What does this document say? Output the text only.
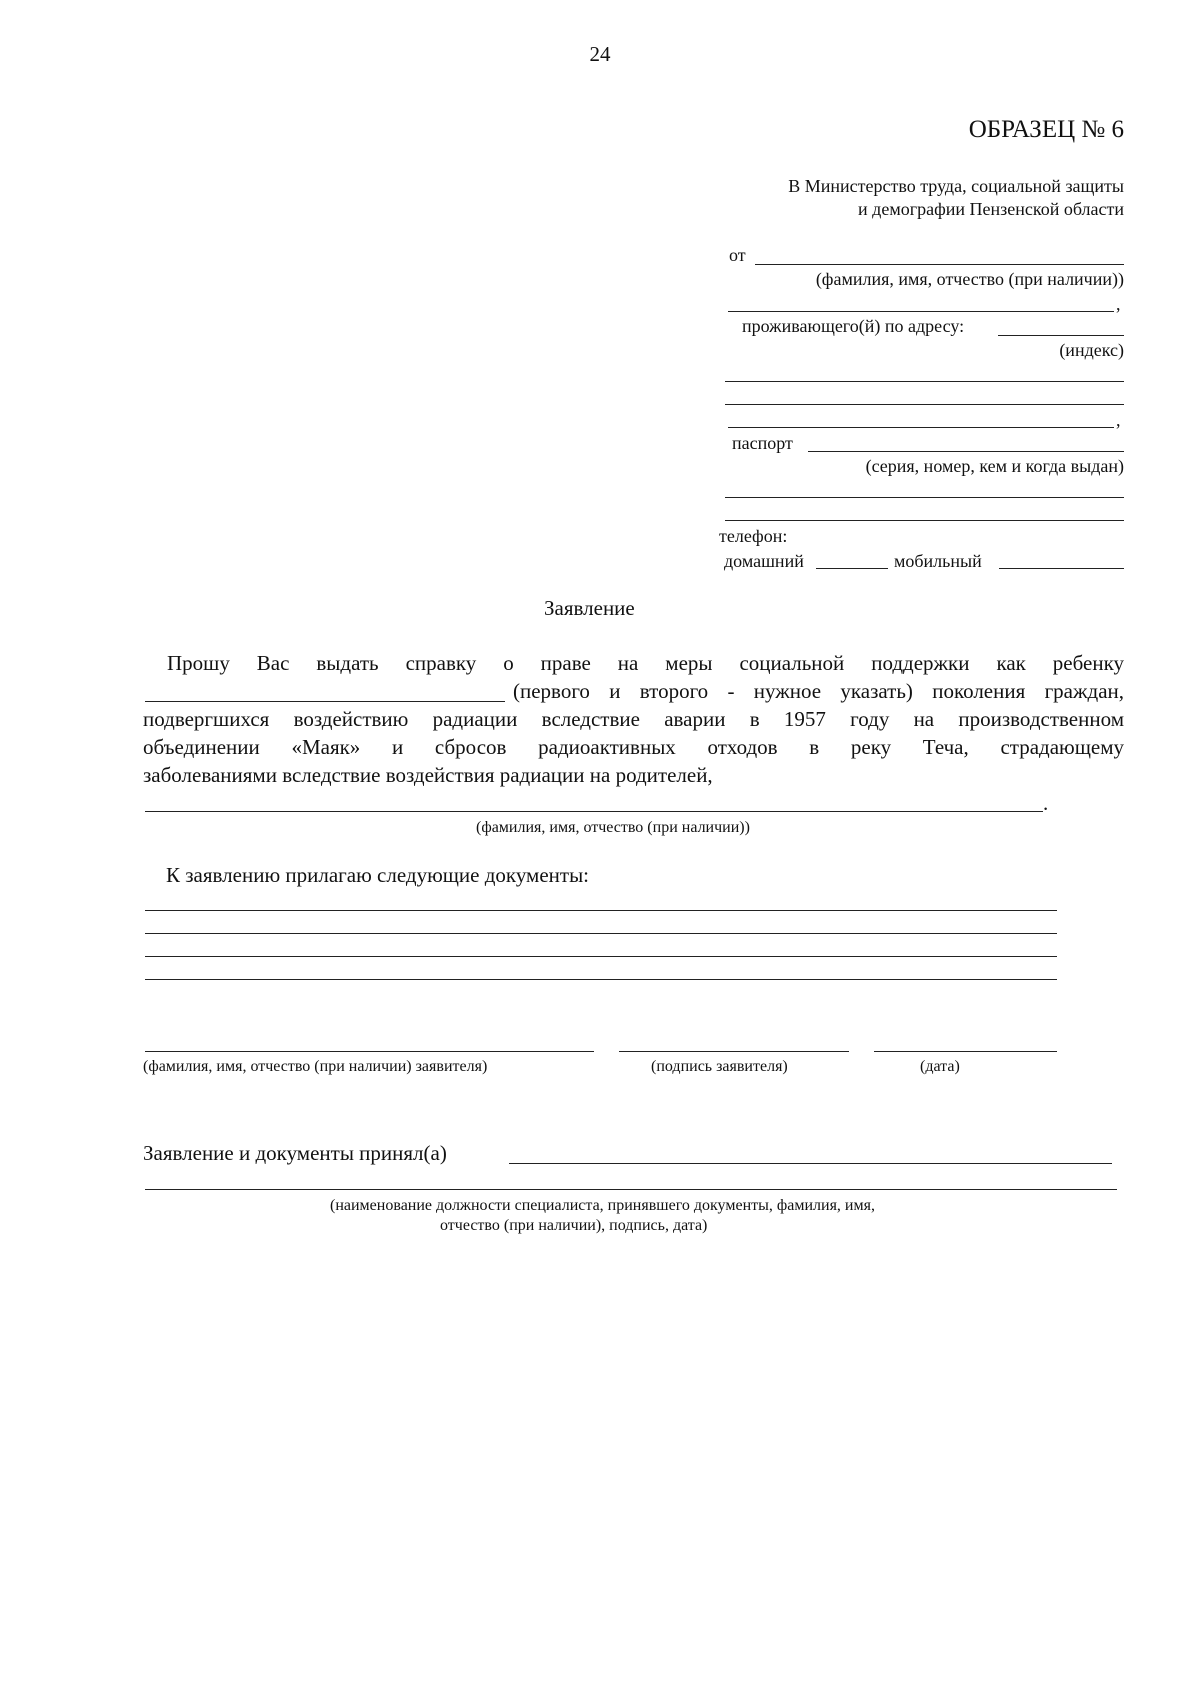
24
ОБРАЗЕЦ № 6
В Министерство труда, социальной защиты
и демографии Пензенской области
от
(фамилия, имя, отчество (при наличии))
,
проживающего(й) по адресу:
(индекс)
,
паспорт
(серия, номер, кем и когда выдан)
телефон:
домашний	мобильный
Заявление
Прошу Вас выдать справку о праве на меры социальной поддержки как ребенку
(первого и второго - нужное указать) поколения граждан,
подвергшихся воздействию радиации вследствие аварии в 1957 году на производственном
объединении «Маяк» и сбросов радиоактивных отходов в реку Теча, страдающему
заболеваниями вследствие воздействия радиации на родителей,
.
(фамилия, имя, отчество (при наличии))
К заявлению прилагаю следующие документы:
(фамилия, имя, отчество (при наличии) заявителя)	(подпись заявителя)	(дата)
Заявление и документы принял(а)
(наименование должности специалиста, принявшего документы, фамилия, имя,
отчество (при наличии), подпись, дата)
